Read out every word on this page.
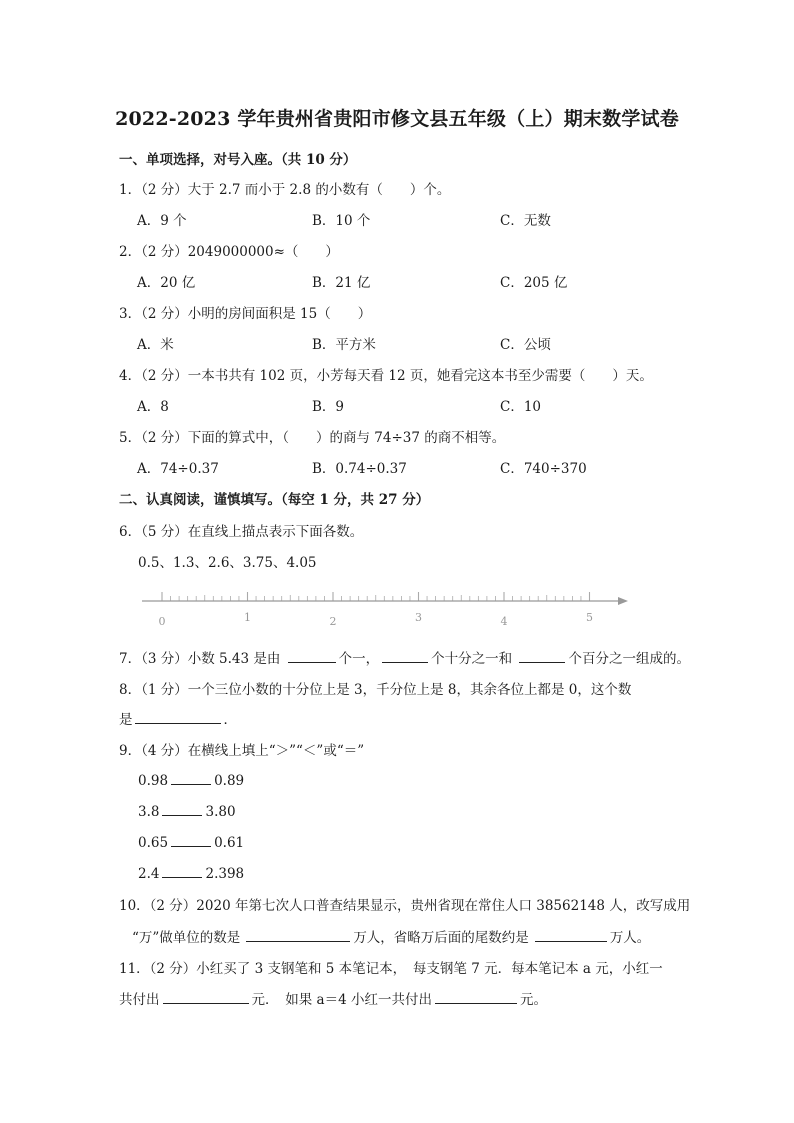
2022-2023 学年贵州省贵阳市修文县五年级（上）期末数学试卷
一、单项选择，对号入座。（共 10 分）
1．（2 分）大于 2.7 而小于 2.8 的小数有（　　）个。
A．9 个	B．10 个	C．无数
2．（2 分）2049000000≈（　　）
A．20 亿	B．21 亿	C．205 亿
3．（2 分）小明的房间面积是 15（　　）
A．米	B．平方米	C．公顷
4．（2 分）一本书共有 102 页，小芳每天看 12 页，她看完这本书至少需要（　　）天。
A．8	B．9	C．10
5．（2 分）下面的算式中，（　　）的商与 74÷37 的商不相等。
A．74÷0.37	B．0.74÷0.37	C．740÷370
二、认真阅读，谨慎填写。（每空 1 分，共 27 分）
6．（5 分）在直线上描点表示下面各数。
0.5、1.3、2.6、3.75、4.05
0	1	2	3	4	5
7．（3 分）小数 5.43 是由	个一，	个十分之一和	个百分之一组成的。
8．（1 分）一个三位小数的十分位上是 3，千分位上是 8，其余各位上都是 0，这个数
是	．
9．（4 分）在横线上填上“＞”“＜”或“＝”
0.98	0.89
3.8	3.80
0.65	0.61
2.4	2.398
10．（2 分）2020 年第七次人口普查结果显示，贵州省现在常住人口 38562148 人，改写成用
“万”做单位的数是	万人，省略万后面的尾数约是	万人。
11．（2 分）小红买了 3 支钢笔和 5 本笔记本，　每支钢笔 7 元．每本笔记本 a 元，小红一
共付出	元．　如果 a＝4 小红一共付出	元。
